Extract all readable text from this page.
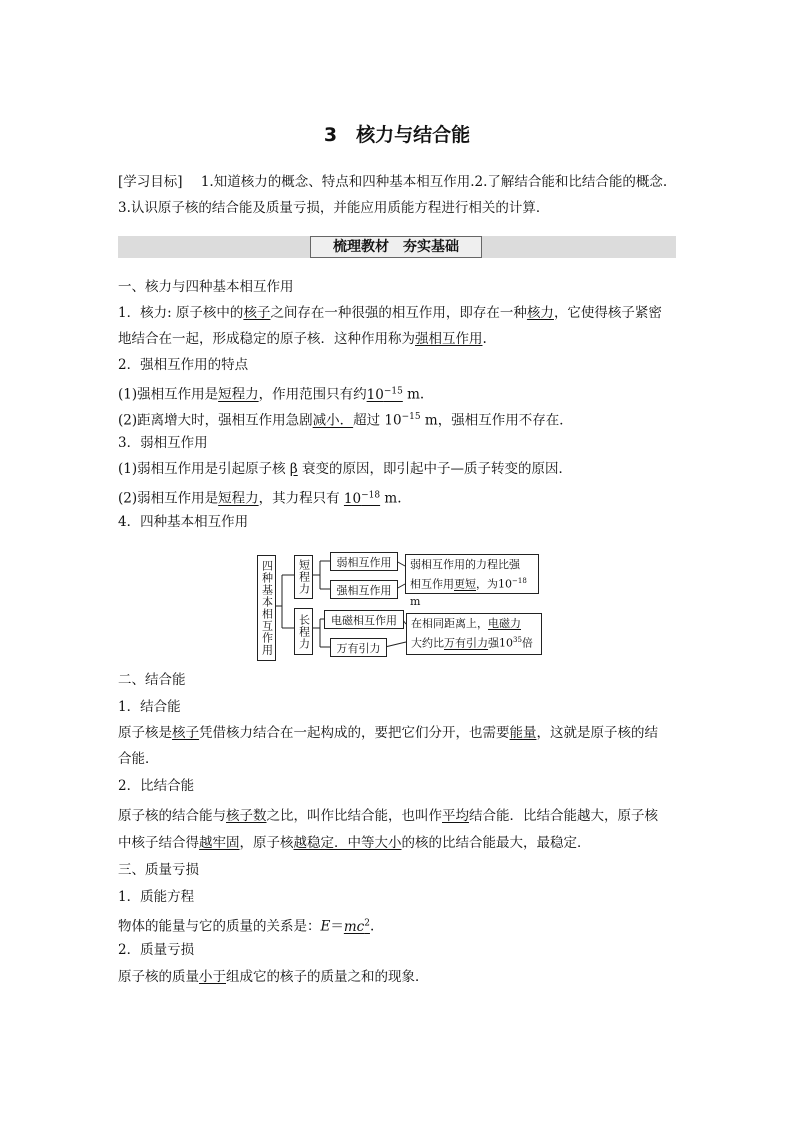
3　核力与结合能
[学习目标] 1.知道核力的概念、特点和四种基本相互作用.2.了解结合能和比结合能的概念.
3.认识原子核的结合能及质量亏损，并能应用质能方程进行相关的计算．
梳理教材　夯实基础
一、核力与四种基本相互作用
1．核力: 原子核中的核子之间存在一种很强的相互作用，即存在一种核力，它使得核子紧密
地结合在一起，形成稳定的原子核．这种作用称为强相互作用.
2．强相互作用的特点
(1)强相互作用是短程力，作用范围只有约$10^{-15}$ m.
(2)距离增大时，强相互作用急剧减小．超过 $10^{-15}$ m，强相互作用不存在．
3．弱相互作用
(1)弱相互作用是引起原子核 β 衰变的原因，即引起中子—质子转变的原因．
(2)弱相互作用是短程力，其力程只有 $10^{-18}$ m.
4．四种基本相互作用
四种基本相互作用	短程力
长程力
弱相互作用
强相互作用
电磁相互作用
万有引力
弱相互作用的力程比强
相互作用更短，为$10^{-18}$ m
在相同距离上，电磁力
大约比万有引力强$10^{35}$倍
二、结合能
1．结合能
原子核是核子凭借核力结合在一起构成的，要把它们分开，也需要能量，这就是原子核的结
合能．
2．比结合能
原子核的结合能与核子数之比，叫作比结合能，也叫作平均结合能．比结合能越大，原子核
中核子结合得越牢固，原子核越稳定．中等大小的核的比结合能最大，最稳定．
三、质量亏损
1．质能方程
物体的能量与它的质量的关系是：$E=mc^2$.
2．质量亏损
原子核的质量小于组成它的核子的质量之和的现象．
